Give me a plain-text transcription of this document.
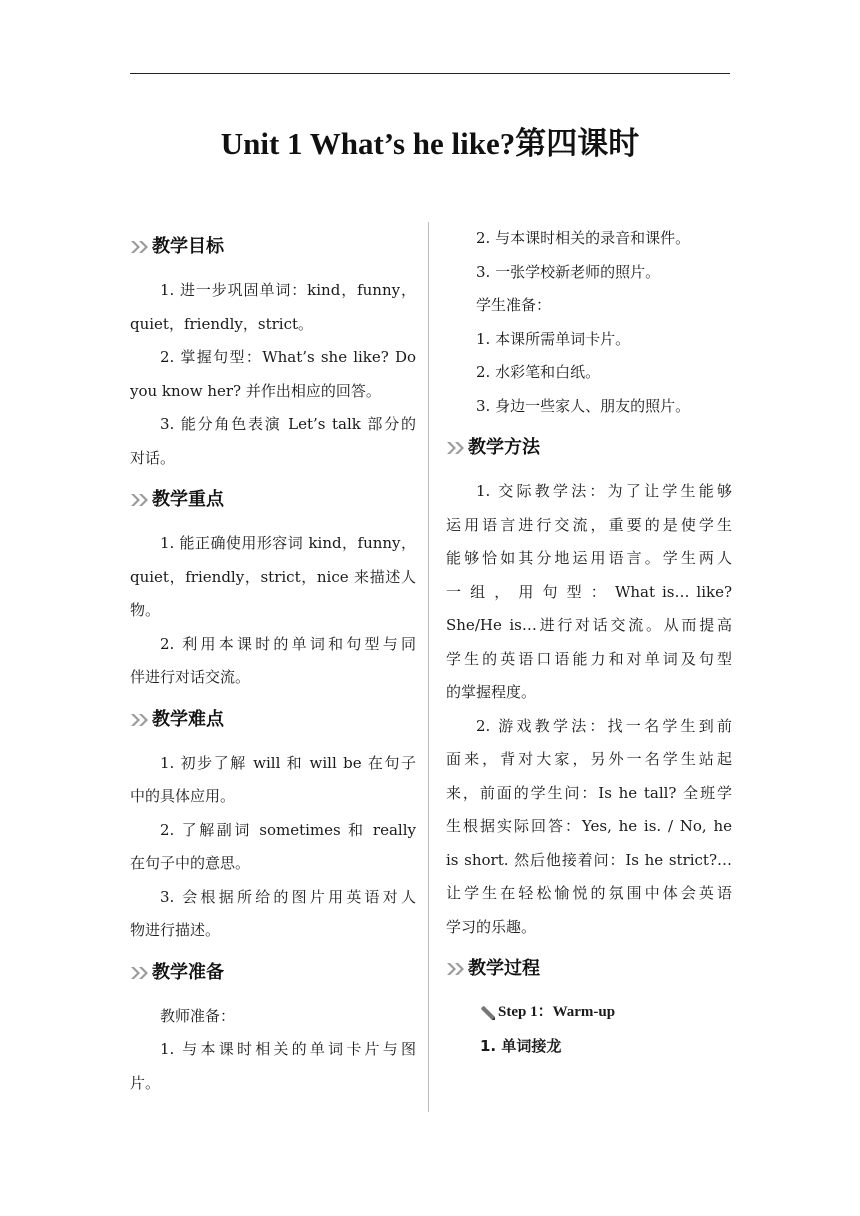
Unit 1 What’s he like?第四课时
教学目标

1. 进一步巩固单词：kind，funny，

quiet，friendly，strict。

2. 掌握句型：What’s she like? Do

you know her? 并作出相应的回答。

3. 能分角色表演 Let’s talk 部分的

对话。

教学重点

1. 能正确使用形容词 kind，funny，

quiet，friendly，strict，nice 来描述人

物。

2. 利用本课时的单词和句型与同

伴进行对话交流。

教学难点

1. 初步了解 will 和 will be 在句子

中的具体应用。

2. 了解副词 sometimes 和 really

在句子中的意思。

3. 会根据所给的图片用英语对人

物进行描述。

教学准备

教师准备：

1. 与本课时相关的单词卡片与图

片。

2. 与本课时相关的录音和课件。

3. 一张学校新老师的照片。

学生准备：

1. 本课所需单词卡片。

2. 水彩笔和白纸。

3. 身边一些家人、朋友的照片。

教学方法

1. 交际教学法：为了让学生能够

运用语言进行交流，重要的是使学生

能够恰如其分地运用语言。学生两人

一 组 ， 用 句 型 ： What is… like?

She/He is…进行对话交流。从而提高

学生的英语口语能力和对单词及句型

的掌握程度。

2. 游戏教学法：找一名学生到前

面来，背对大家，另外一名学生站起

来，前面的学生问：Is he tall? 全班学

生根据实际回答：Yes, he is. / No, he

is short. 然后他接着问：Is he strict?…

让学生在轻松愉悦的氛围中体会英语

学习的乐趣。

教学过程
Step 1：Warm-up

1. 单词接龙
